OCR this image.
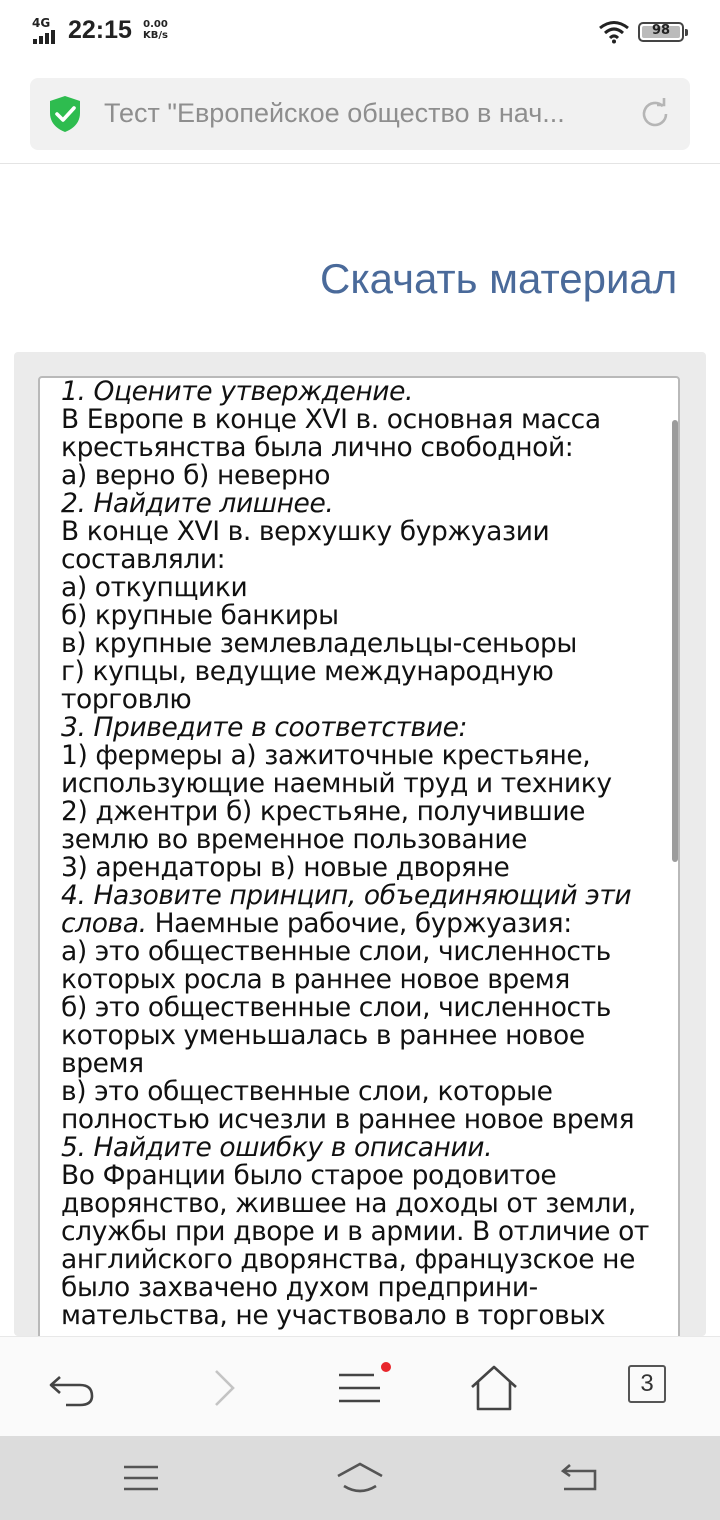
4G 22:15 0.00
KB/s	98
Тест "Европейское общество в нач...
Скачать материал
1. Оцените утверждение.
В Европе в конце XVI в. основная масса
крестьянства была лично свободной:
а) верно б) неверно
2. Найдите лишнее.
В конце XVI в. верхушку буржуазии
составляли:
а) откупщики
б) крупные банкиры
в) крупные землевладельцы-сеньоры
г) купцы, ведущие международную
торговлю
3. Приведите в соответствие:
1) фермеры а) зажиточные крестьяне,
использующие наемный труд и технику
2) джентри б) крестьяне, получившие
землю во временное пользование
3) арендаторы в) новые дворяне
4. Назовите принцип, объединяющий эти
слова. Наемные рабочие, буржуазия:
а) это общественные слои, численность
которых росла в раннее новое время
б) это общественные слои, численность
которых уменьшалась в раннее новое
время
в) это общественные слои, которые
полностью исчезли в раннее новое время
5. Найдите ошибку в описании.
Во Франции было старое родовитое
дворянство, жившее на доходы от земли,
службы при дворе и в армии. В отличие от
английского дворянства, французское не
было захвачено духом предприни-
мательства, не участвовало в торговых
3
